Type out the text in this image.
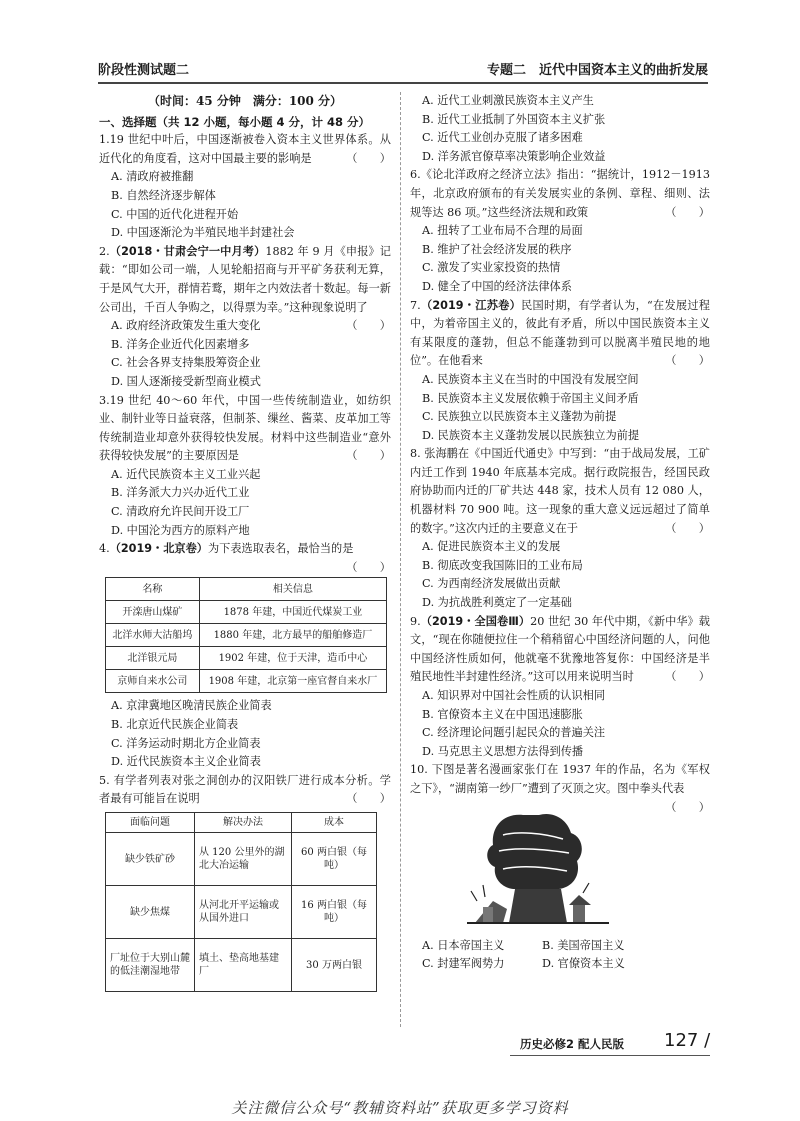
阶段性测试题二	专题二　近代中国资本主义的曲折发展

（时间：45 分钟　满分：100 分）

一、选择题（共 12 小题，每小题 4 分，计 48 分）

1.19 世纪中叶后，中国逐渐被卷入资本主义世界体系。从近代化的角度看，这对中国最主要的影响是	（　　）

A. 清政府被推翻

B. 自然经济逐步解体

C. 中国的近代化进程开始

D. 中国逐渐沦为半殖民地半封建社会

2.（2018・甘肃会宁一中月考）1882 年 9 月《申报》记载：“即如公司一端，人见轮船招商与开平矿务获利无算，于是风气大开，群情若鹜，期年之内效法者十数起。每一新公司出，千百人争购之，以得票为幸。”这种现象说明了
（　　）

A. 政府经济政策发生重大变化

B. 洋务企业近代化因素增多

C. 社会各界支持集股筹资企业

D. 国人逐渐接受新型商业模式

3.19 世纪 40～60 年代，中国一些传统制造业，如纺织业、制针业等日益衰落，但制茶、缫丝、酱菜、皮革加工等传统制造业却意外获得较快发展。材料中这些制造业“意外获得较快发展”的主要原因是	（　　）

A. 近代民族资本主义工业兴起

B. 洋务派大力兴办近代工业

C. 清政府允许民间开设工厂

D. 中国沦为西方的原料产地

4.（2019・北京卷）为下表选取表名，最恰当的是
（　　）

名称	相关信息
开滦唐山煤矿	1878 年建，中国近代煤炭工业
北洋水师大沽船坞	1880 年建，北方最早的船舶修造厂
北洋银元局	1902 年建，位于天津，造币中心
京师自来水公司	1908 年建，北京第一座官督自来水厂

A. 京津冀地区晚清民族企业简表

B. 北京近代民族企业简表

C. 洋务运动时期北方企业简表

D. 近代民族资本主义企业简表

5. 有学者列表对张之洞创办的汉阳铁厂进行成本分析。学者最有可能旨在说明	（　　）

面临问题	解决办法	成本
缺少铁矿砂	从 120 公里外的湖北大冶运输	60 两白银（每吨）
缺少焦煤	从河北开平运输或从国外进口	16 两白银（每吨）
厂址位于大别山麓的低洼潮湿地带	填土、垫高地基建厂	30 万两白银

A. 近代工业刺激民族资本主义产生

B. 近代工业抵制了外国资本主义扩张

C. 近代工业创办克服了诸多困难

D. 洋务派官僚草率决策影响企业效益

6.《论北洋政府之经济立法》指出：“据统计，1912－1913 年，北京政府颁布的有关发展实业的条例、章程、细则、法规等达 86 项。”这些经济法规和政策	（　　）

A. 扭转了工业布局不合理的局面

B. 维护了社会经济发展的秩序

C. 激发了实业家投资的热情

D. 健全了中国的经济法律体系

7.（2019・江苏卷）民国时期，有学者认为，“在发展过程中，为着帝国主义的，彼此有矛盾，所以中国民族资本主义有某限度的蓬勃，但总不能蓬勃到可以脱离半殖民地的地位”。在他看来	（　　）

A. 民族资本主义在当时的中国没有发展空间

B. 民族资本主义发展依赖于帝国主义间矛盾

C. 民族独立以民族资本主义蓬勃为前提

D. 民族资本主义蓬勃发展以民族独立为前提

8. 张海鹏在《中国近代通史》中写到：“由于战局发展，工矿内迁工作到 1940 年底基本完成。据行政院报告，经国民政府协助而内迁的厂矿共达 448 家，技术人员有 12 080 人，机器材料 70 900 吨。这一现象的重大意义远远超过了简单的数字。”这次内迁的主要意义在于	（　　）

A. 促进民族资本主义的发展

B. 彻底改变我国陈旧的工业布局

C. 为西南经济发展做出贡献

D. 为抗战胜利奠定了一定基础

9.（2019・全国卷Ⅲ）20 世纪 30 年代中期，《新中华》载文，“现在你随便拉住一个稍稍留心中国经济问题的人，问他中国经济性质如何，他就毫不犹豫地答复你：中国经济是半殖民地性半封建性经济。”这可以用来说明当时	（　　）

A. 知识界对中国社会性质的认识相同

B. 官僚资本主义在中国迅速膨胀

C. 经济理论问题引起民众的普遍关注

D. 马克思主义思想方法得到传播

10. 下图是著名漫画家张仃在 1937 年的作品，名为《军权之下》，“湖南第一纱厂”遭到了灭顶之灾。图中拳头代表
（　　）

A. 日本帝国主义	B. 美国帝国主义
C. 封建军阀势力	D. 官僚资本主义
历史必修2 配人民版 127 /
关注微信公众号“教辅资料站”获取更多学习资料
